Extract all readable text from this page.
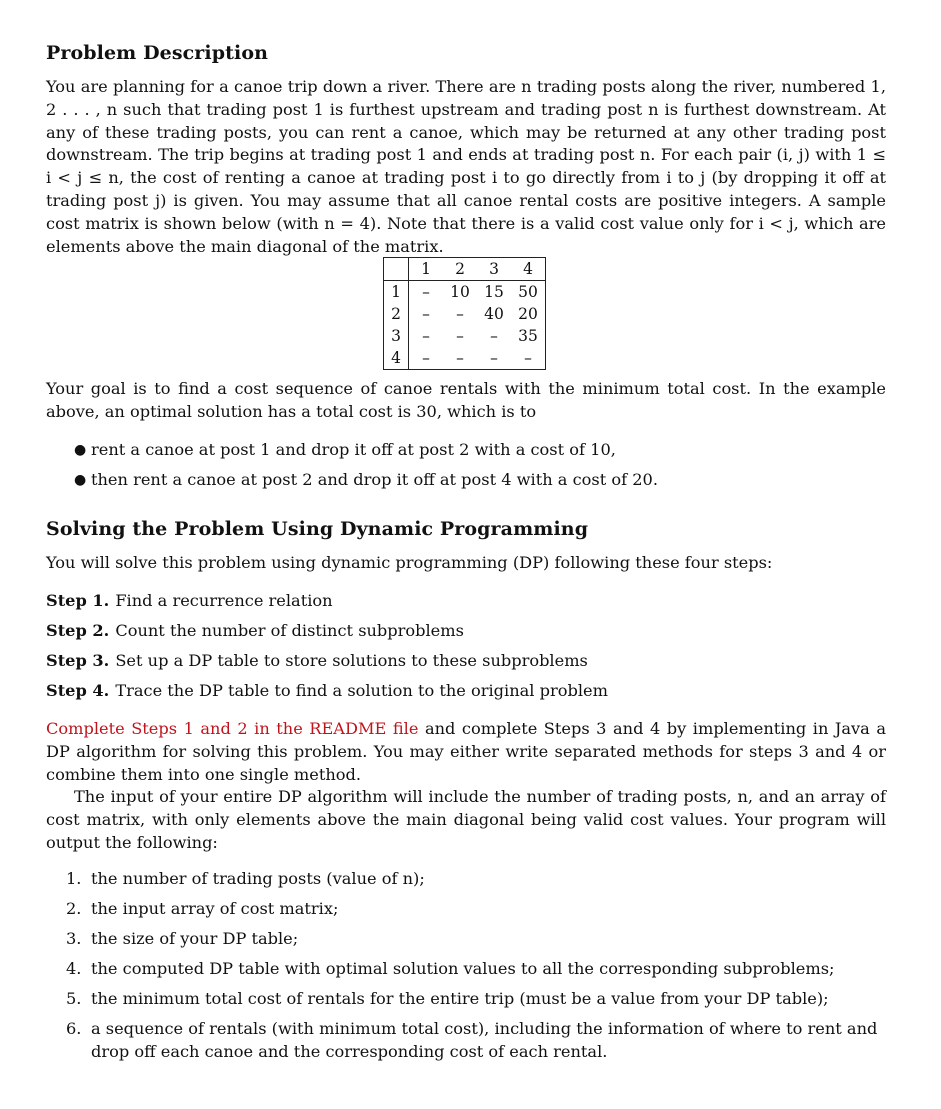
Problem Description

You are planning for a canoe trip down a river. There are n trading posts along the river, numbered 1, 2 . . . , n such that trading post 1 is furthest upstream and trading post n is furthest downstream. At any of these trading posts, you can rent a canoe, which may be returned at any other trading post downstream. The trip begins at trading post 1 and ends at trading post n. For each pair (i, j) with 1 ≤ i < j ≤ n, the cost of renting a canoe at trading post i to go directly from i to j (by dropping it off at trading post j) is given. You may assume that all canoe rental costs are positive integers. A sample cost matrix is shown below (with n = 4). Note that there is a valid cost value only for i < j, which are elements above the main diagonal of the matrix.

	1	2	3	4
1	–	10	15	50
2	–	–	40	20
3	–	–	–	35
4	–	–	–	–

Your goal is to find a cost sequence of canoe rentals with the minimum total cost. In the example above, an optimal solution has a total cost is 30, which is to

● rent a canoe at post 1 and drop it off at post 2 with a cost of 10,
● then rent a canoe at post 2 and drop it off at post 4 with a cost of 20.
Solving the Problem Using Dynamic Programming

You will solve this problem using dynamic programming (DP) following these four steps:

Step 1. Find a recurrence relation
Step 2. Count the number of distinct subproblems
Step 3. Set up a DP table to store solutions to these subproblems
Step 4. Trace the DP table to find a solution to the original problem

Complete Steps 1 and 2 in the README file and complete Steps 3 and 4 by implementing in Java a DP algorithm for solving this problem. You may either write separated methods for steps 3 and 4 or combine them into one single method.

The input of your entire DP algorithm will include the number of trading posts, n, and an array of cost matrix, with only elements above the main diagonal being valid cost values. Your program will output the following:

1. the number of trading posts (value of n);
2. the input array of cost matrix;
3. the size of your DP table;
4. the computed DP table with optimal solution values to all the corresponding subproblems;
5. the minimum total cost of rentals for the entire trip (must be a value from your DP table);
6. a sequence of rentals (with minimum total cost), including the information of where to rent and drop off each canoe and the corresponding cost of each rental.
